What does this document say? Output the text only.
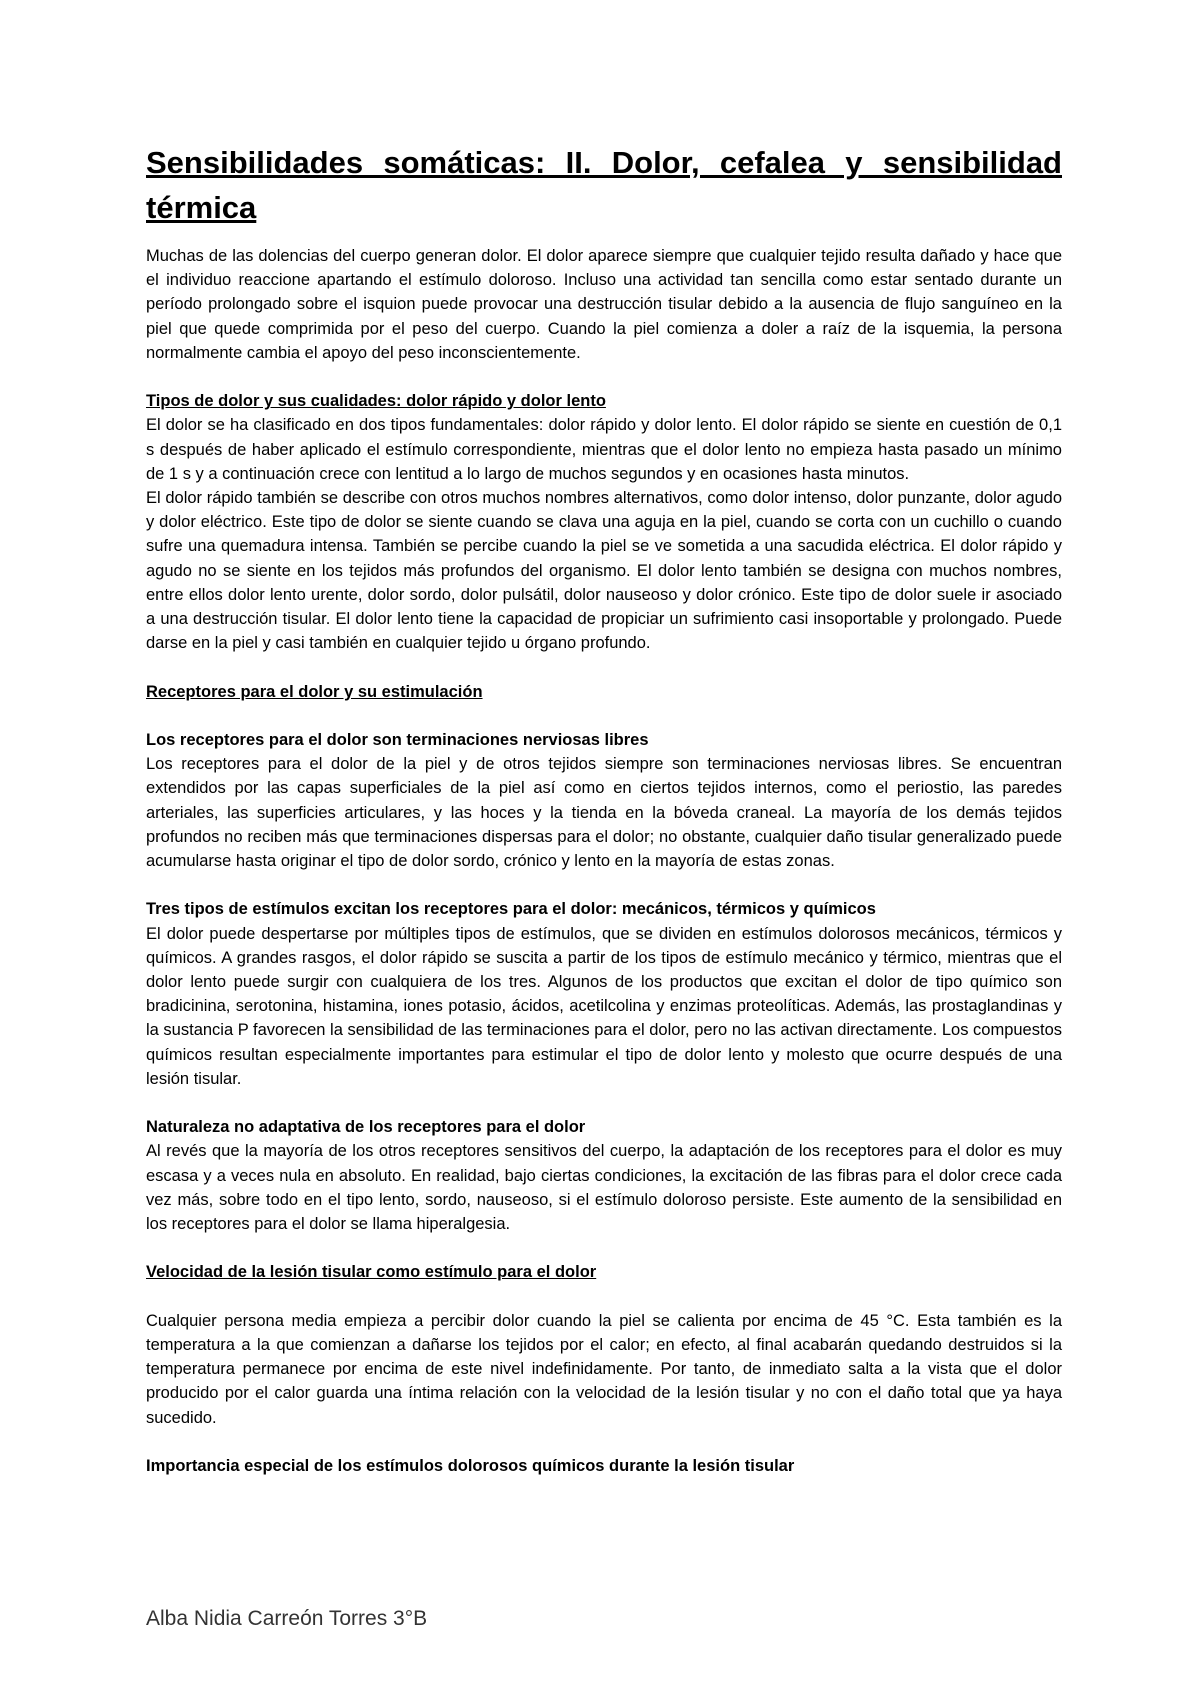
Sensibilidades somáticas: II. Dolor, cefalea y sensibilidad térmica

Muchas de las dolencias del cuerpo generan dolor. El dolor aparece siempre que cualquier tejido resulta dañado y hace que el individuo reaccione apartando el estímulo doloroso. Incluso una actividad tan sencilla como estar sentado durante un período prolongado sobre el isquion puede provocar una destrucción tisular debido a la ausencia de flujo sanguíneo en la piel que quede comprimida por el peso del cuerpo. Cuando la piel comienza a doler a raíz de la isquemia, la persona normalmente cambia el apoyo del peso inconscientemente.

Tipos de dolor y sus cualidades: dolor rápido y dolor lento

El dolor se ha clasificado en dos tipos fundamentales: dolor rápido y dolor lento. El dolor rápido se siente en cuestión de 0,1 s después de haber aplicado el estímulo correspondiente, mientras que el dolor lento no empieza hasta pasado un mínimo de 1 s y a continuación crece con lentitud a lo largo de muchos segundos y en ocasiones hasta minutos.

El dolor rápido también se describe con otros muchos nombres alternativos, como dolor intenso, dolor punzante, dolor agudo y dolor eléctrico. Este tipo de dolor se siente cuando se clava una aguja en la piel, cuando se corta con un cuchillo o cuando sufre una quemadura intensa. También se percibe cuando la piel se ve sometida a una sacudida eléctrica. El dolor rápido y agudo no se siente en los tejidos más profundos del organismo. El dolor lento también se designa con muchos nombres, entre ellos dolor lento urente, dolor sordo, dolor pulsátil, dolor nauseoso y dolor crónico. Este tipo de dolor suele ir asociado a una destrucción tisular. El dolor lento tiene la capacidad de propiciar un sufrimiento casi insoportable y prolongado. Puede darse en la piel y casi también en cualquier tejido u órgano profundo.

Receptores para el dolor y su estimulación

Los receptores para el dolor son terminaciones nerviosas libres

Los receptores para el dolor de la piel y de otros tejidos siempre son terminaciones nerviosas libres. Se encuentran extendidos por las capas superficiales de la piel así como en ciertos tejidos internos, como el periostio, las paredes arteriales, las superficies articulares, y las hoces y la tienda en la bóveda craneal. La mayoría de los demás tejidos profundos no reciben más que terminaciones dispersas para el dolor; no obstante, cualquier daño tisular generalizado puede acumularse hasta originar el tipo de dolor sordo, crónico y lento en la mayoría de estas zonas.

Tres tipos de estímulos excitan los receptores para el dolor: mecánicos, térmicos y químicos

El dolor puede despertarse por múltiples tipos de estímulos, que se dividen en estímulos dolorosos mecánicos, térmicos y químicos. A grandes rasgos, el dolor rápido se suscita a partir de los tipos de estímulo mecánico y térmico, mientras que el dolor lento puede surgir con cualquiera de los tres. Algunos de los productos que excitan el dolor de tipo químico son bradicinina, serotonina, histamina, iones potasio, ácidos, acetilcolina y enzimas proteolíticas. Además, las prostaglandinas y la sustancia P favorecen la sensibilidad de las terminaciones para el dolor, pero no las activan directamente. Los compuestos químicos resultan especialmente importantes para estimular el tipo de dolor lento y molesto que ocurre después de una lesión tisular.

Naturaleza no adaptativa de los receptores para el dolor

Al revés que la mayoría de los otros receptores sensitivos del cuerpo, la adaptación de los receptores para el dolor es muy escasa y a veces nula en absoluto. En realidad, bajo ciertas condiciones, la excitación de las fibras para el dolor crece cada vez más, sobre todo en el tipo lento, sordo, nauseoso, si el estímulo doloroso persiste. Este aumento de la sensibilidad en los receptores para el dolor se llama hiperalgesia.

Velocidad de la lesión tisular como estímulo para el dolor

Cualquier persona media empieza a percibir dolor cuando la piel se calienta por encima de 45 °C. Esta también es la temperatura a la que comienzan a dañarse los tejidos por el calor; en efecto, al final acabarán quedando destruidos si la temperatura permanece por encima de este nivel indefinidamente. Por tanto, de inmediato salta a la vista que el dolor producido por el calor guarda una íntima relación con la velocidad de la lesión tisular y no con el daño total que ya haya sucedido.

Importancia especial de los estímulos dolorosos químicos durante la lesión tisular

Alba Nidia Carreón Torres 3°B
